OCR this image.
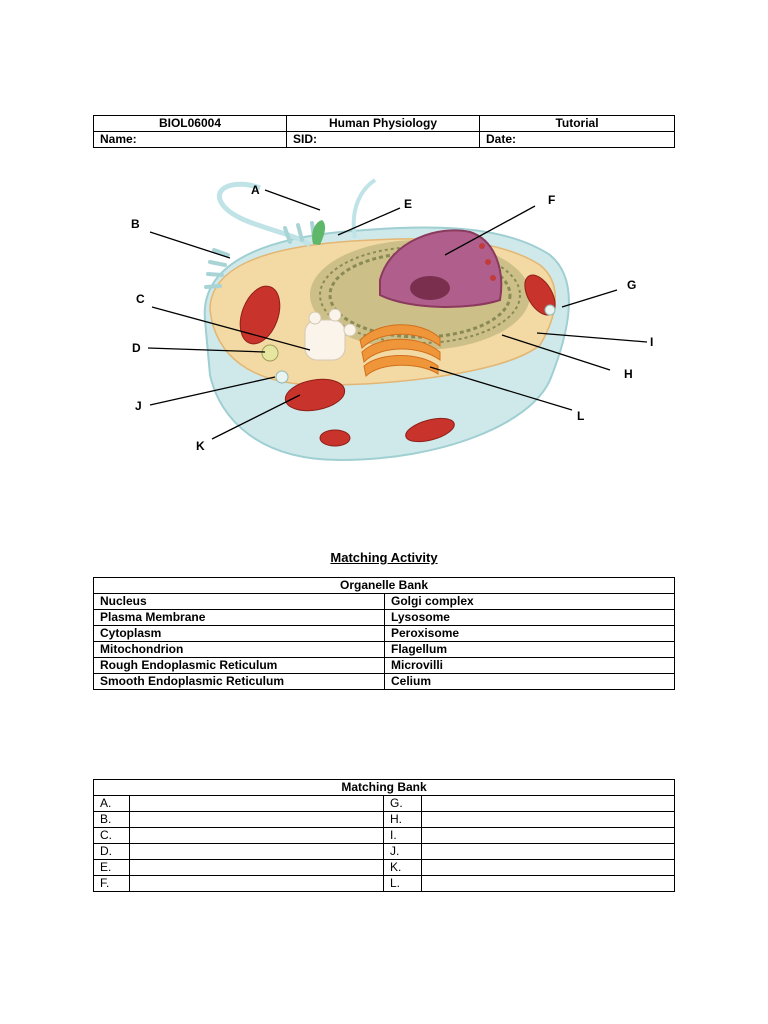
BIOL06004	Human Physiology	Tutorial
Name:	SID:	Date:
A
B
C
D
E	F
G
H
I
J
K
L
Matching Activity
Organelle Bank	
Nucleus	Golgi complex
Plasma Membrane	Lysosome
Cytoplasm	Peroxisome
Mitochondrion	Flagellum
Rough Endoplasmic Reticulum	Microvilli
Smooth Endoplasmic Reticulum	Celium
Matching Bank			
A.		G.	
B.		H.	
C.		I.	
D.		J.	
E.		K.	
F.		L.	
